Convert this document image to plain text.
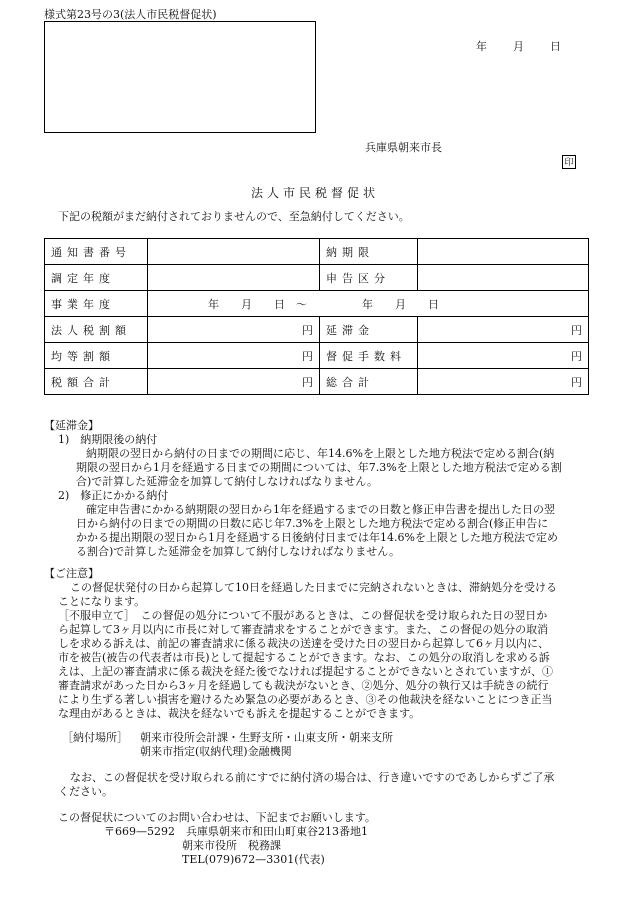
様式第23号の3(法人市民税督促状)
年 月 日
兵庫県朝来市長
印
法人市民税督促状
下記の税額がまだ納付されておりませんので、至急納付してください。
通知書番号		納期限	
調定年度		申告区分	
事業年度	年　　月　　日　〜　　　　　年　　月　　日		
法人税割額	円	延滞金	円
均等割額	円	督促手数料	円
税額合計	円	総合計	円
【延滞金】
1)　納期限後の納付
納期限の翌日から納付の日までの期間に応じ、年14.6%を上限とした地方税法で定める割合(納
期限の翌日から1月を経過する日までの期間については、年7.3%を上限とした地方税法で定める割
合)で計算した延滞金を加算して納付しなければなりません。
2)　修正にかかる納付
確定申告書にかかる納期限の翌日から1年を経過するまでの日数と修正申告書を提出した日の翌
日から納付の日までの期間の日数に応じ年7.3%を上限とした地方税法で定める割合(修正申告に
かかる提出期限の翌日から1月を経過する日後納付日までは年14.6%を上限とした地方税法で定め
る割合)で計算した延滞金を加算して納付しなければなりません。
【ご注意】
この督促状発付の日から起算して10日を経過した日までに完納されないときは、滞納処分を受ける
ことになります。
［不服申立て］　この督促の処分について不服があるときは、この督促状を受け取られた日の翌日か
ら起算して3ヶ月以内に市長に対して審査請求をすることができます。また、この督促の処分の取消
しを求める訴えは、前記の審査請求に係る裁決の送達を受けた日の翌日から起算して6ヶ月以内に、
市を被告(被告の代表者は市長)として提起することができます。なお、この処分の取消しを求める訴
えは、上記の審査請求に係る裁決を経た後でなければ提起することができないとされていますが、①
審査請求があった日から3ヶ月を経過しても裁決がないとき、②処分、処分の執行又は手続きの続行
により生ずる著しい損害を避けるため緊急の必要があるとき、③その他裁決を経ないことにつき正当
な理由があるときは、裁決を経ないでも訴えを提起することができます。
［納付場所］	朝来市役所会計課・生野支所・山東支所・朝来支所
朝来市指定(収納代理)金融機関
なお、この督促状を受け取られる前にすでに納付済の場合は、行き違いですのであしからずご了承
ください。
この督促状についてのお問い合わせは、下記までお願いします。
〒669—5292　兵庫県朝来市和田山町東谷213番地1
朝来市役所　税務課
TEL(079)672—3301(代表)
